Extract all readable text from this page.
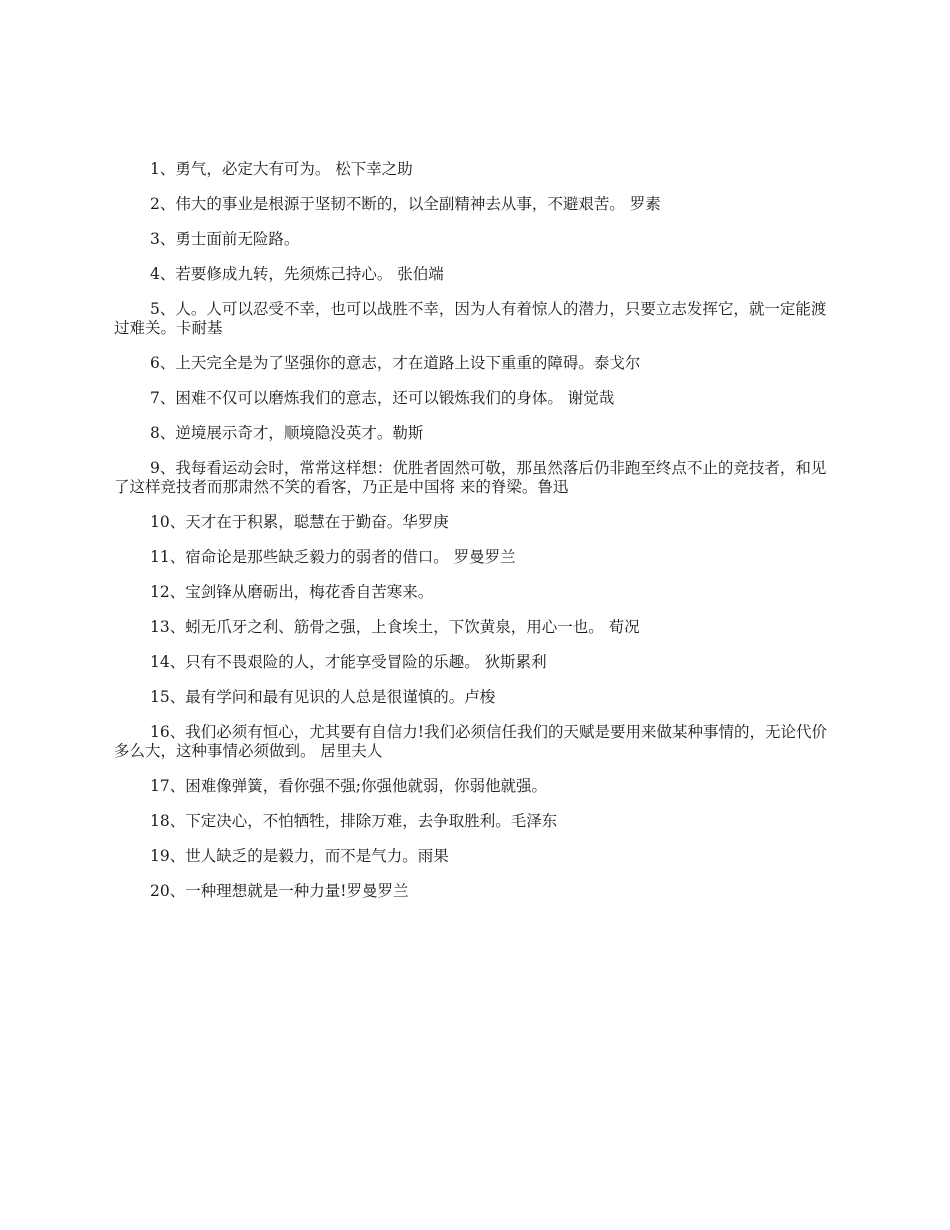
1、勇气，必定大有可为。 松下幸之助

2、伟大的事业是根源于坚韧不断的，以全副精神去从事，不避艰苦。 罗素

3、勇士面前无险路。

4、若要修成九转，先须炼己持心。 张伯端

5、人。人可以忍受不幸，也可以战胜不幸，因为人有着惊人的潜力，只要立志发挥它，就一定能渡过难关。卡耐基

6、上天完全是为了坚强你的意志，才在道路上设下重重的障碍。泰戈尔

7、困难不仅可以磨炼我们的意志，还可以锻炼我们的身体。 谢觉哉

8、逆境展示奇才，顺境隐没英才。勒斯

9、我每看运动会时，常常这样想：优胜者固然可敬，那虽然落后仍非跑至终点不止的竞技者，和见了这样竞技者而那肃然不笑的看客，乃正是中国将 来的脊梁。鲁迅

10、天才在于积累，聪慧在于勤奋。华罗庚

11、宿命论是那些缺乏毅力的弱者的借口。 罗曼罗兰

12、宝剑锋从磨砺出，梅花香自苦寒来。

13、蚓无爪牙之利、筋骨之强，上食埃土，下饮黄泉，用心一也。 荀况

14、只有不畏艰险的人，才能享受冒险的乐趣。 狄斯累利

15、最有学问和最有见识的人总是很谨慎的。卢梭

16、我们必须有恒心，尤其要有自信力!我们必须信任我们的天赋是要用来做某种事情的，无论代价多么大，这种事情必须做到。 居里夫人

17、困难像弹簧，看你强不强;你强他就弱，你弱他就强。

18、下定决心，不怕牺牲，排除万难，去争取胜利。毛泽东

19、世人缺乏的是毅力，而不是气力。雨果

20、一种理想就是一种力量!罗曼罗兰
